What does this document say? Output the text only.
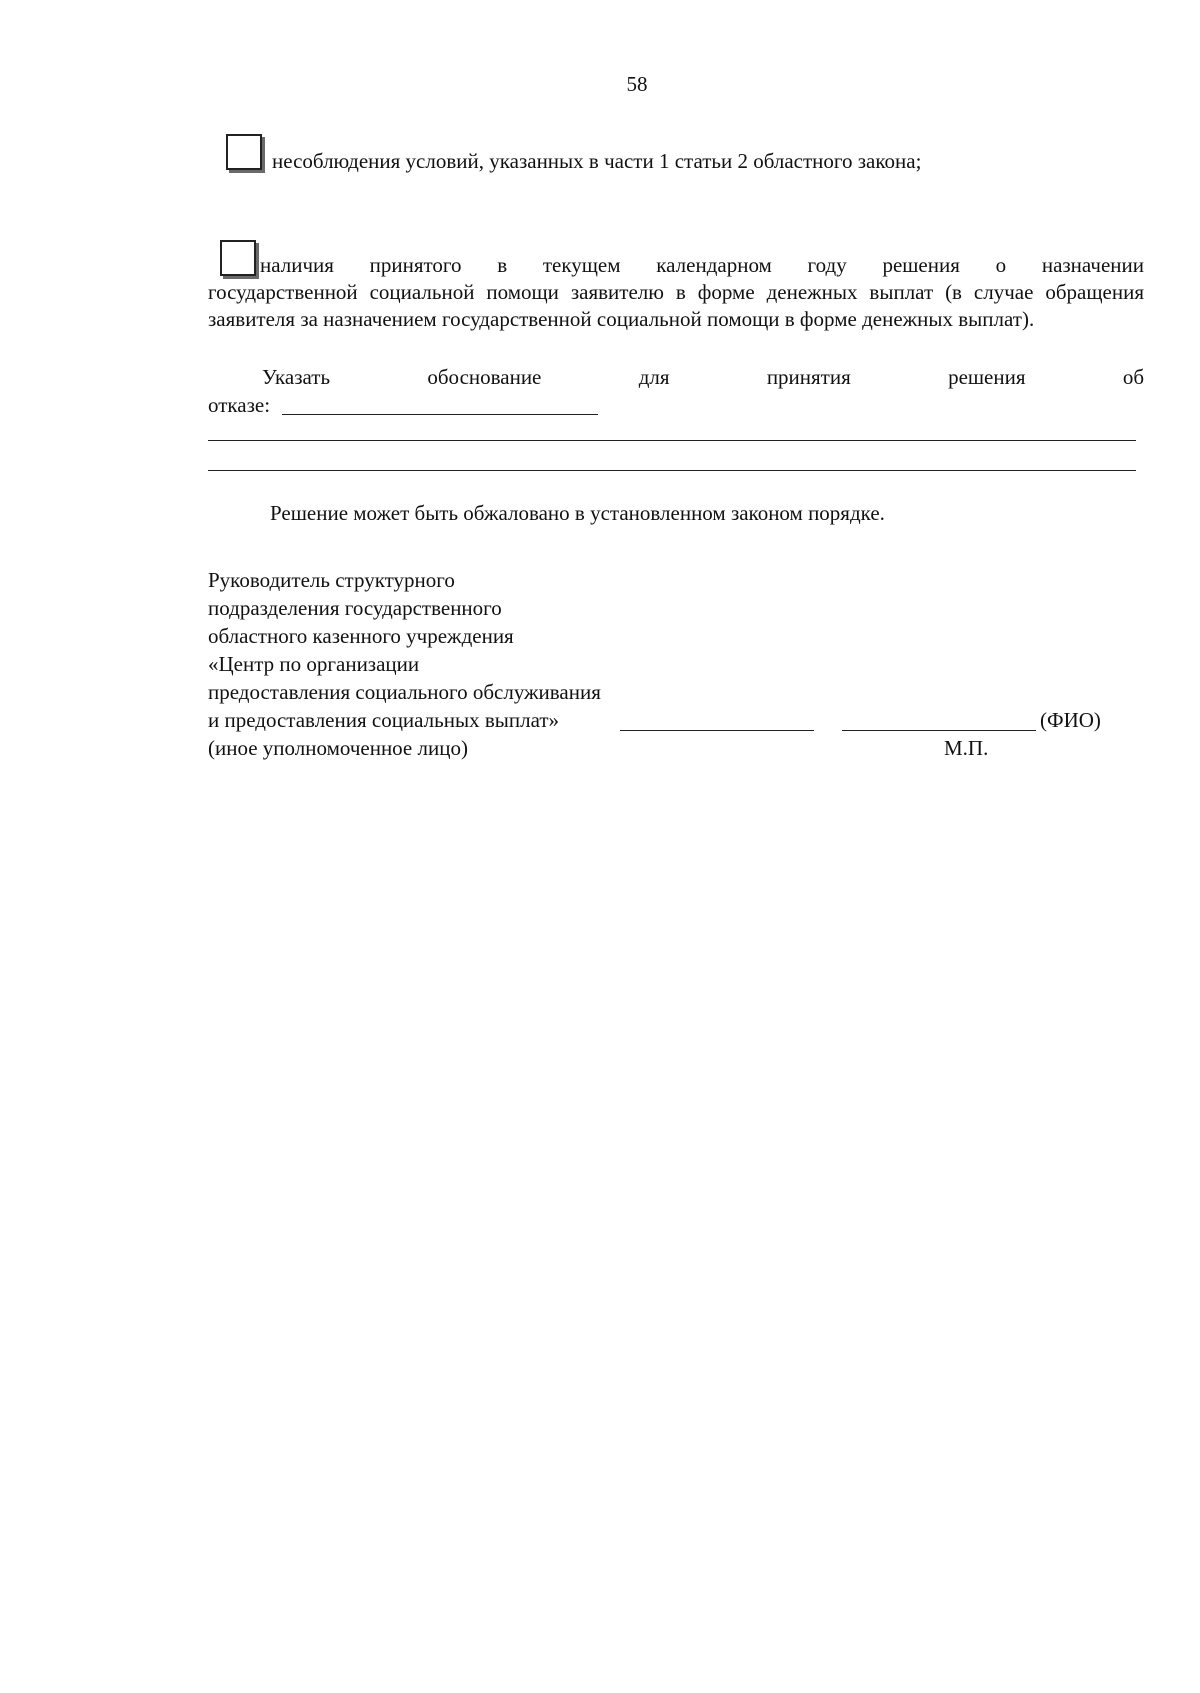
58
несоблюдения условий, указанных в части 1 статьи 2 областного закона;
наличия принятого в текущем календарном году решения о назначении
государственной социальной помощи заявителю в форме денежных выплат (в случае обращения заявителя за назначением государственной социальной помощи в форме денежных выплат).
Указать	обоснование	для	принятия	решения	об
отказе:
Решение может быть обжаловано в установленном законом порядке.
Руководитель структурного
подразделения государственного
областного казенного учреждения
«Центр по организации
предоставления социального обслуживания
и предоставления социальных выплат»	(ФИО)
(иное уполномоченное лицо)	М.П.
